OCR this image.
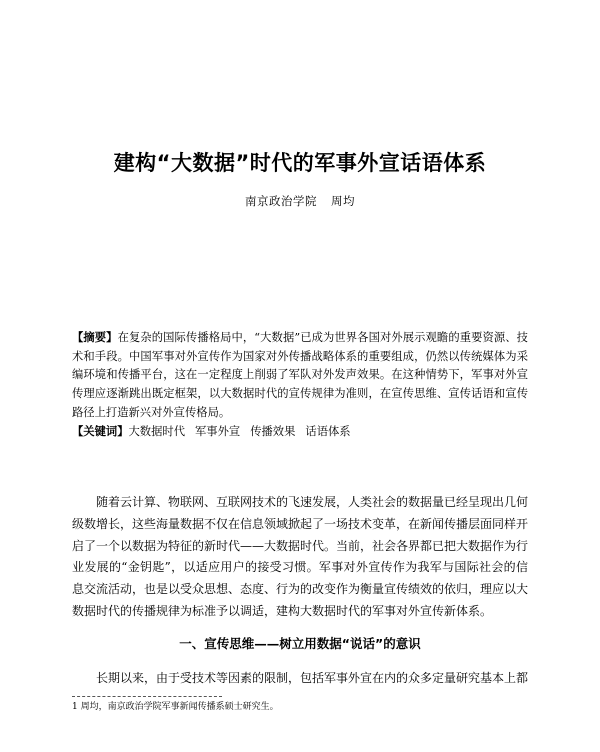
建构“大数据”时代的军事外宣话语体系
南京政治学院 周均
【摘要】在复杂的国际传播格局中，“大数据”已成为世界各国对外展示观瞻的重要资源、技术和手段。中国军事对外宣传作为国家对外传播战略体系的重要组成，仍然以传统媒体为采编环境和传播平台，这在一定程度上削弱了军队对外发声效果。在这种情势下，军事对外宣传理应逐渐跳出既定框架，以大数据时代的宣传规律为准则，在宣传思维、宣传话语和宣传路径上打造新兴对外宣传格局。
【关键词】大数据时代 军事外宣 传播效果 话语体系
随着云计算、物联网、互联网技术的飞速发展，人类社会的数据量已经呈现出几何级数增长，这些海量数据不仅在信息领域掀起了一场技术变革，在新闻传播层面同样开启了一个以数据为特征的新时代——大数据时代。当前，社会各界都已把大数据作为行业发展的“金钥匙”，以适应用户的接受习惯。军事对外宣传作为我军与国际社会的信息交流活动，也是以受众思想、态度、行为的改变作为衡量宣传绩效的依归，理应以大数据时代的传播规律为标准予以调适，建构大数据时代的军事对外宣传新体系。
一、宣传思维——树立用数据“说话”的意识
长期以来，由于受技术等因素的限制，包括军事外宣在内的众多定量研究基本上都
1 周均，南京政治学院军事新闻传播系硕士研究生。
